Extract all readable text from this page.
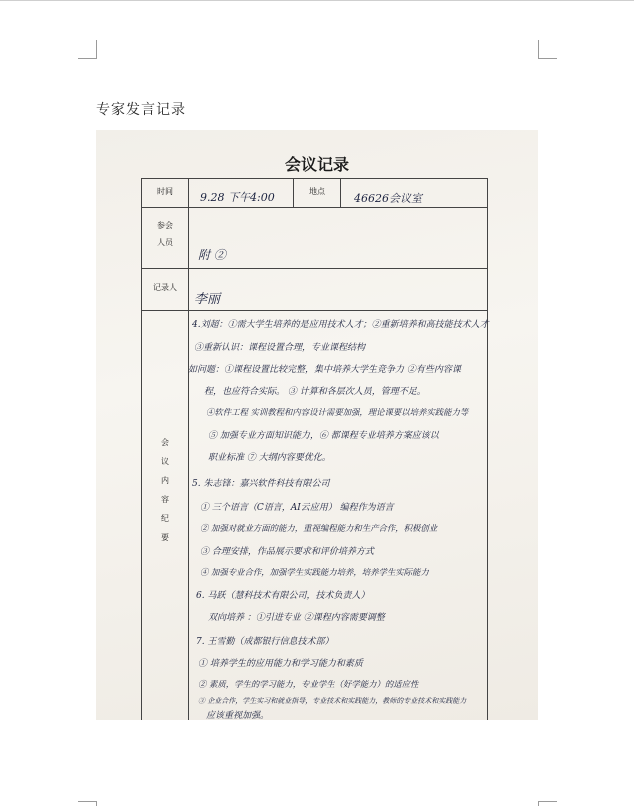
专家发言记录
会议记录
时间	地点
参会
人员
记录人
会
议
内
容
纪
要
9.28 下午4:00	46626会议室
附 ②
李丽
4.刘超：①需大学生培养的是应用技术人才；②重新培养和高技能技术人才
③重新认识：课程设置合理，专业课程结构
如问题：①课程设置比较完整，集中培养大学生竞争力 ②有些内容课
程，也应符合实际。 ③ 计算和各层次人员，管理不足。
④软件工程 实训教程和内容设计需要加强，理论课要以培养实践能力等
⑤ 加强专业方面知识能力，⑥ 都课程专业培养方案应该以
职业标准 ⑦ 大纲内容要优化。
5. 朱志锋：嘉兴软件科技有限公司
① 三个语言（C语言，AI云应用） 编程作为语言
② 加强对就业方面的能力，重视编程能力和生产合作，积极创业
③ 合理安排，作品展示要求和评价培养方式
④ 加强专业合作，加强学生实践能力培养，培养学生实际能力
6. 马跃（慧科技术有限公司，技术负责人）
双向培养 ：①引进专业 ②课程内容需要调整
7. 王雪勤（成都银行信息技术部）
① 培养学生的应用能力和学习能力和素质
② 素质，学生的学习能力，专业学生（好学能力）的适应性
③ 企业合作，学生实习和就业指导，专业技术和实践能力，教师的专业技术和实践能力
应该重视加强。
